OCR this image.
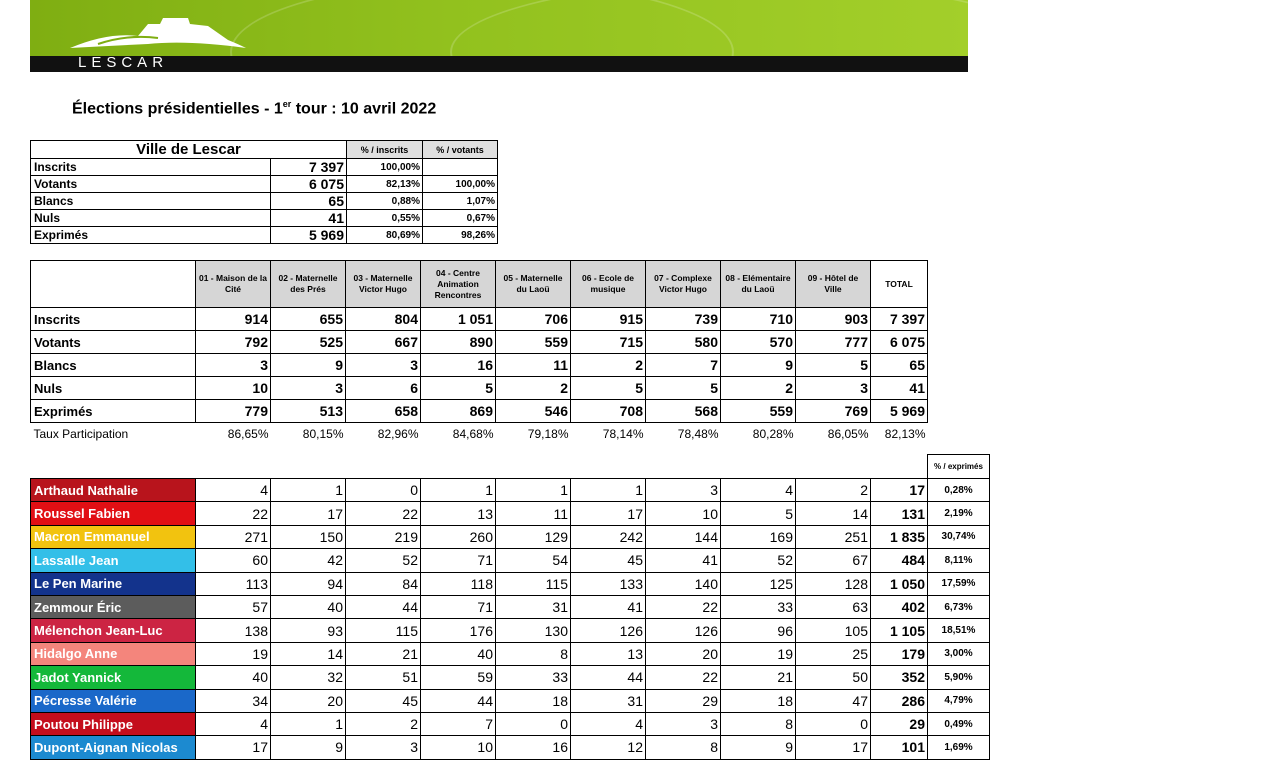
LESCAR
Élections présidentielles - 1er tour : 10 avril 2022
Ville de Lescar		% / inscrits	% / votants
Inscrits	7 397	100,00%	
Votants	6 075	82,13%	100,00%
Blancs	65	0,88%	1,07%
Nuls	41	0,55%	0,67%
Exprimés	5 969	80,69%	98,26%
	01 - Maison de la Cité	02 - Maternelle des Prés	03 - Maternelle Victor Hugo	04 - Centre Animation Rencontres	05 - Maternelle du Laoü	06 - Ecole de musique	07 - Complexe Victor Hugo	08 - Elémentaire du Laoü	09 - Hôtel de Ville	TOTAL
Inscrits	914	655	804	1 051	706	915	739	710	903	7 397
Votants	792	525	667	890	559	715	580	570	777	6 075
Blancs	3	9	3	16	11	2	7	9	5	65
Nuls	10	3	6	5	2	5	5	2	3	41
Exprimés	779	513	658	869	546	708	568	559	769	5 969
Taux Participation	86,65%	80,15%	82,96%	84,68%	79,18%	78,14%	78,48%	80,28%	86,05%	82,13%
											% / exprimés
Arthaud Nathalie	4	1	0	1	1	1	3	4	2	17	0,28%
Roussel Fabien	22	17	22	13	11	17	10	5	14	131	2,19%
Macron Emmanuel	271	150	219	260	129	242	144	169	251	1 835	30,74%
Lassalle Jean	60	42	52	71	54	45	41	52	67	484	8,11%
Le Pen Marine	113	94	84	118	115	133	140	125	128	1 050	17,59%
Zemmour Éric	57	40	44	71	31	41	22	33	63	402	6,73%
Mélenchon Jean-Luc	138	93	115	176	130	126	126	96	105	1 105	18,51%
Hidalgo Anne	19	14	21	40	8	13	20	19	25	179	3,00%
Jadot Yannick	40	32	51	59	33	44	22	21	50	352	5,90%
Pécresse Valérie	34	20	45	44	18	31	29	18	47	286	4,79%
Poutou Philippe	4	1	2	7	0	4	3	8	0	29	0,49%
Dupont-Aignan Nicolas	17	9	3	10	16	12	8	9	17	101	1,69%
